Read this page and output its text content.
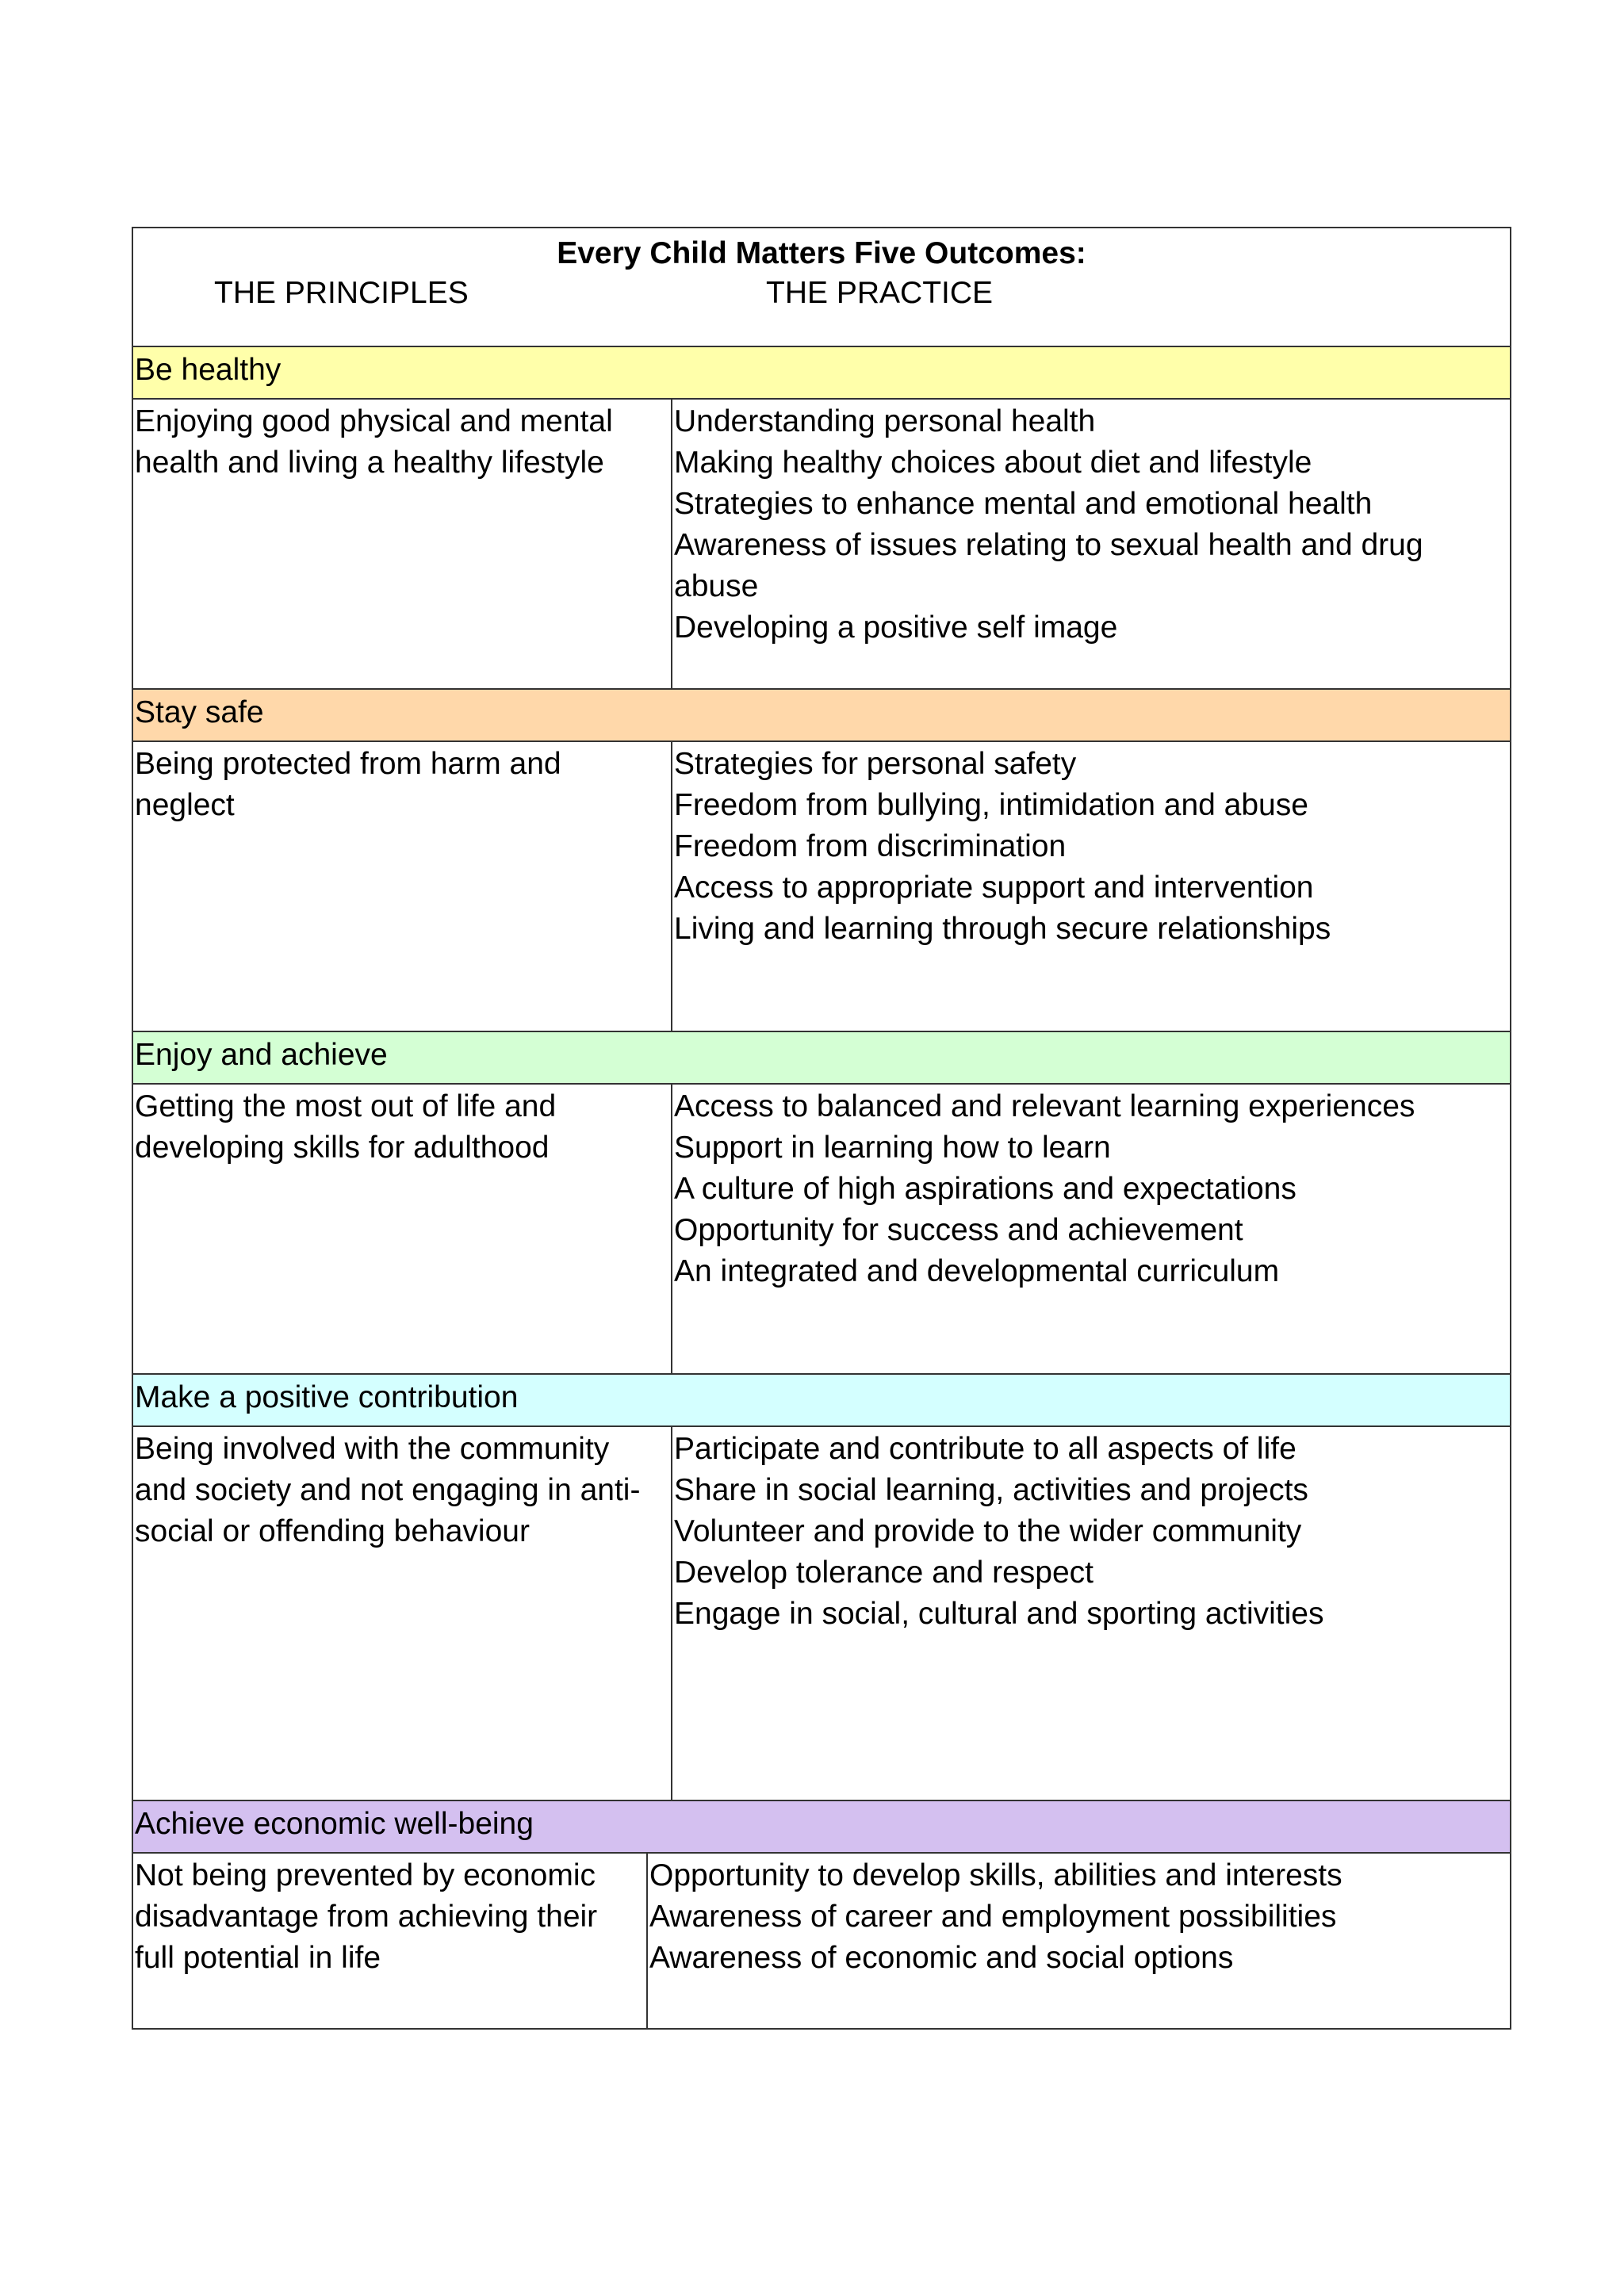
Every Child Matters Five Outcomes:
THE PRINCIPLES	THE PRACTICE
Be healthy
Enjoying good physical and mental health and living a healthy lifestyle
Understanding personal health
Making healthy choices about diet and lifestyle
Strategies to enhance mental and emotional health
Awareness of issues relating to sexual health and drug abuse
Developing a positive self image
Stay safe
Being protected from harm and neglect
Strategies for personal safety
Freedom from bullying, intimidation and abuse
Freedom from discrimination
Access to appropriate support and intervention
Living and learning through secure relationships
Enjoy and achieve
Getting the most out of life and developing skills for adulthood
Access to balanced and relevant learning experiences
Support in learning how to learn
A culture of high aspirations and expectations
Opportunity for success and achievement
An integrated and developmental curriculum
Make a positive contribution
Being involved with the community and society and not engaging in anti-social or offending behaviour
Participate and contribute to all aspects of life
Share in social learning, activities and projects
Volunteer and provide to the wider community
Develop tolerance and respect
Engage in social, cultural and sporting activities
Achieve economic well-being
Not being prevented by economic disadvantage from achieving their full potential in life
Opportunity to develop skills, abilities and interests
Awareness of career and employment possibilities
Awareness of economic and social options
